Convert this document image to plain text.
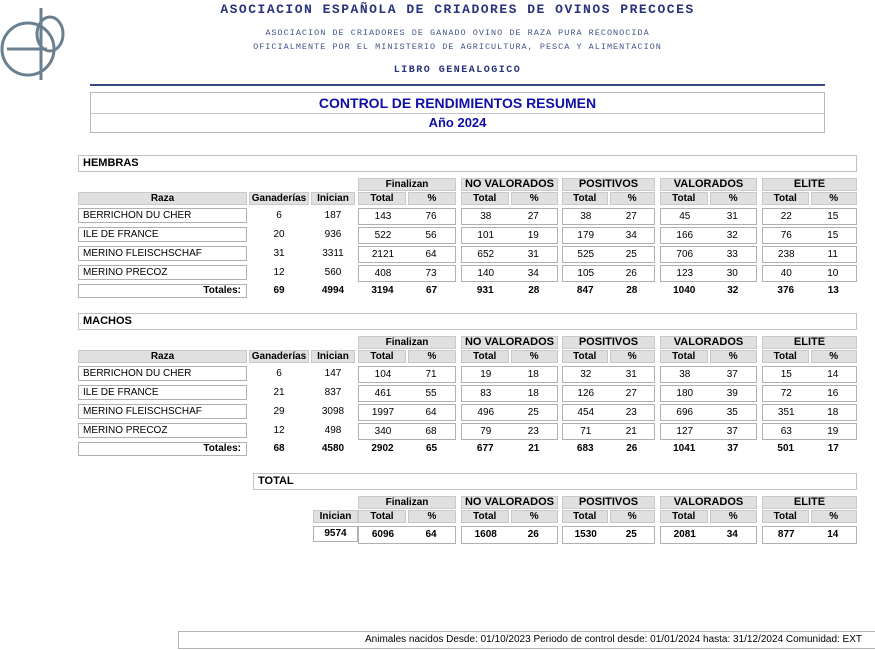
ASOCIACION ESPAÑOLA DE CRIADORES DE OVINOS PRECOCES
ASOCIACION DE CRIADORES DE GANADO OVINO DE RAZA PURA RECONOCIDA
OFICIALMENTE POR EL MINISTERIO DE AGRICULTURA, PESCA Y ALIMENTACION
LIBRO GENEALOGICO
CONTROL DE RENDIMIENTOS RESUMEN
Año 2024
HEMBRAS
Finalizan	NO VALORADOS	POSITIVOS	VALORADOS	ELITE
Raza	Ganaderías	Inician	Total	%	Total	%	Total	%	Total	%	Total	%
BERRICHON DU CHER	6	187	143	76	38	27	38	27	45	31	22	15
ILE DE FRANCE	20	936	522	56	101	19	179	34	166	32	76	15
MERINO FLEISCHSCHAF	31	3311	2121	64	652	31	525	25	706	33	238	11
MERINO PRECOZ	12	560	408	73	140	34	105	26	123	30	40	10
Totales:	69	4994	3194	67	931	28	847	28	1040	32	376	13
MACHOS
Finalizan	NO VALORADOS	POSITIVOS	VALORADOS	ELITE
Raza	Ganaderías	Inician	Total	%	Total	%	Total	%	Total	%	Total	%
BERRICHON DU CHER	6	147	104	71	19	18	32	31	38	37	15	14
ILE DE FRANCE	21	837	461	55	83	18	126	27	180	39	72	16
MERINO FLEISCHSCHAF	29	3098	1997	64	496	25	454	23	696	35	351	18
MERINO PRECOZ	12	498	340	68	79	23	71	21	127	37	63	19
Totales:	68	4580	2902	65	677	21	683	26	1041	37	501	17
TOTAL
Finalizan	NO VALORADOS	POSITIVOS	VALORADOS	ELITE
Inician	Total	%	Total	%	Total	%	Total	%	Total	%
9574	6096	64	1608	26	1530	25	2081	34	877	14
Animales nacidos Desde: 01/10/2023 Periodo de control desde: 01/01/2024 hasta: 31/12/2024 Comunidad: EXT
